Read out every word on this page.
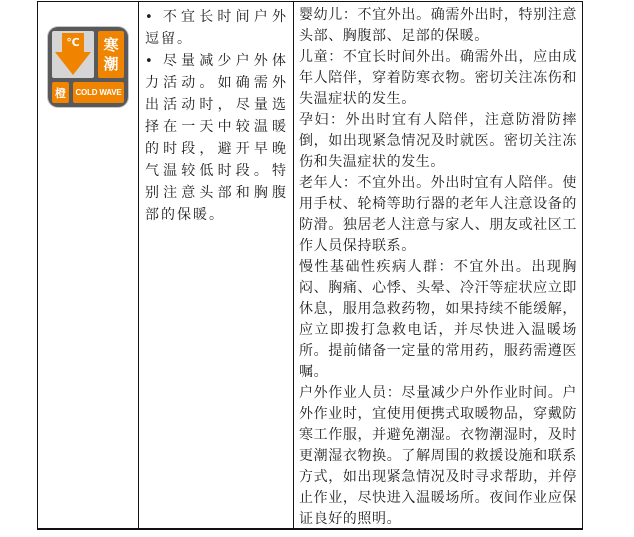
℃ 寒
潮
橙	COLD WAVE

• 不宜长时间户外逗留。

• 尽量减少户外体力活动。如确需外出活动时，尽量选择在一天中较温暖的时段，避开早晚气温较低时段。特别注意头部和胸腹部的保暖。

婴幼儿：不宜外出。确需外出时，特别注意头部、胸腹部、足部的保暖。

儿童：不宜长时间外出。确需外出，应由成年人陪伴，穿着防寒衣物。密切关注冻伤和失温症状的发生。

孕妇：外出时宜有人陪伴，注意防滑防摔倒，如出现紧急情况及时就医。密切关注冻伤和失温症状的发生。

老年人：不宜外出。外出时宜有人陪伴。使用手杖、轮椅等助行器的老年人注意设备的防滑。独居老人注意与家人、朋友或社区工作人员保持联系。

慢性基础性疾病人群：不宜外出。出现胸闷、胸痛、心悸、头晕、冷汗等症状应立即休息，服用急救药物，如果持续不能缓解，应立即拨打急救电话，并尽快进入温暖场所。提前储备一定量的常用药，服药需遵医嘱。

户外作业人员：尽量减少户外作业时间。户外作业时，宜使用便携式取暖物品，穿戴防寒工作服，并避免潮湿。衣物潮湿时，及时更潮湿衣物换。了解周围的救援设施和联系方式，如出现紧急情况及时寻求帮助，并停止作业，尽快进入温暖场所。夜间作业应保证良好的照明。
